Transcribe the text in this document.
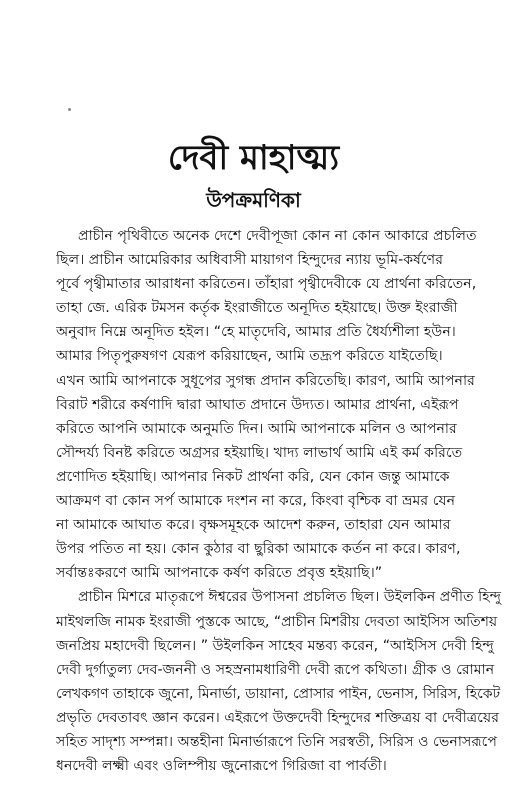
দেবী মাহাত্ম্য
উপক্রমণিকা

প্রাচীন পৃথিবীতে অনেক দেশে দেবীপূজা কোন না কোন আকারে প্রচলিত
ছিল। প্রাচীন আমেরিকার অধিবাসী মায়াগণ হিন্দুদের ন্যায় ভূমি-কর্ষণের
পূর্বে পৃথ্বীমাতার আরাধনা করিতেন। তাঁহারা পৃথ্বীদেবীকে যে প্রার্থনা করিতেন,
তাহা জে. এরিক টমসন কর্তৃক ইংরাজীতে অনূদিত হইয়াছে। উক্ত ইংরাজী
অনুবাদ নিম্নে অনূদিত হইল। “হে মাতৃদেবি, আমার প্রতি ধৈর্য্যশীলা হউন।
আমার পিতৃপুরুষগণ যেরূপ করিয়াছেন, আমি তদ্রূপ করিতে যাইতেছি।
এখন আমি আপনাকে সুধূপের সুগন্ধ প্রদান করিতেছি। কারণ, আমি আপনার
বিরাট শরীরে কর্ষণাদি দ্বারা আঘাত প্রদানে উদ্যত। আমার প্রার্থনা, এইরূপ
করিতে আপনি আমাকে অনুমতি দিন। আমি আপনাকে মলিন ও আপনার
সৌন্দর্য্য বিনষ্ট করিতে অগ্রসর হইয়াছি। খাদ্য লাভার্থ আমি এই কর্ম করিতে
প্রণোদিত হইয়াছি। আপনার নিকট প্রার্থনা করি, যেন কোন জন্তু আমাকে
আক্রমণ বা কোন সর্প আমাকে দংশন না করে, কিংবা বৃশ্চিক বা ভ্রমর যেন
না আমাকে আঘাত করে। বৃক্ষসমূহকে আদেশ করুন, তাহারা যেন আমার
উপর পতিত না হয়। কোন কুঠার বা ছুরিকা আমাকে কর্তন না করে। কারণ,
সর্বান্তঃকরণে আমি আপনাকে কর্ষণ করিতে প্রবৃত্ত হইয়াছি।”

প্রাচীন মিশরে মাতৃরূপে ঈশ্বরের উপাসনা প্রচলিত ছিল। উইলকিন প্রণীত হিন্দু
মাইথলজি নামক ইংরাজী পুস্তকে আছে, “প্রাচীন মিশরীয় দেবতা আইসিস অতিশয়
জনপ্রিয় মহাদেবী ছিলেন। ” উইলকিন সাহেব মন্তব্য করেন, “আইসিস দেবী হিন্দু
দেবী দুর্গাতুল্য দেব-জননী ও সহস্রনামধারিণী দেবী রূপে কথিতা। গ্রীক ও রোমান
লেখকগণ তাহাকে জুনো, মিনার্ভা, ডায়ানা, প্রোসার পাইন, ভেনাস, সিরিস, হিকেট
প্রভৃতি দেবতাবৎ জ্ঞান করেন। এইরূপে উক্তদেবী হিন্দুদের শক্তিত্রয় বা দেবীত্রয়ের
সহিত সাদৃশ্য সম্পন্না। অন্তহীনা মিনার্ভারূপে তিনি সরস্বতী, সিরিস ও ভেনাসরূপে
ধনদেবী লক্ষ্মী এবং ওলিম্পীয় জুনোরূপে গিরিজা বা পার্বতী।
